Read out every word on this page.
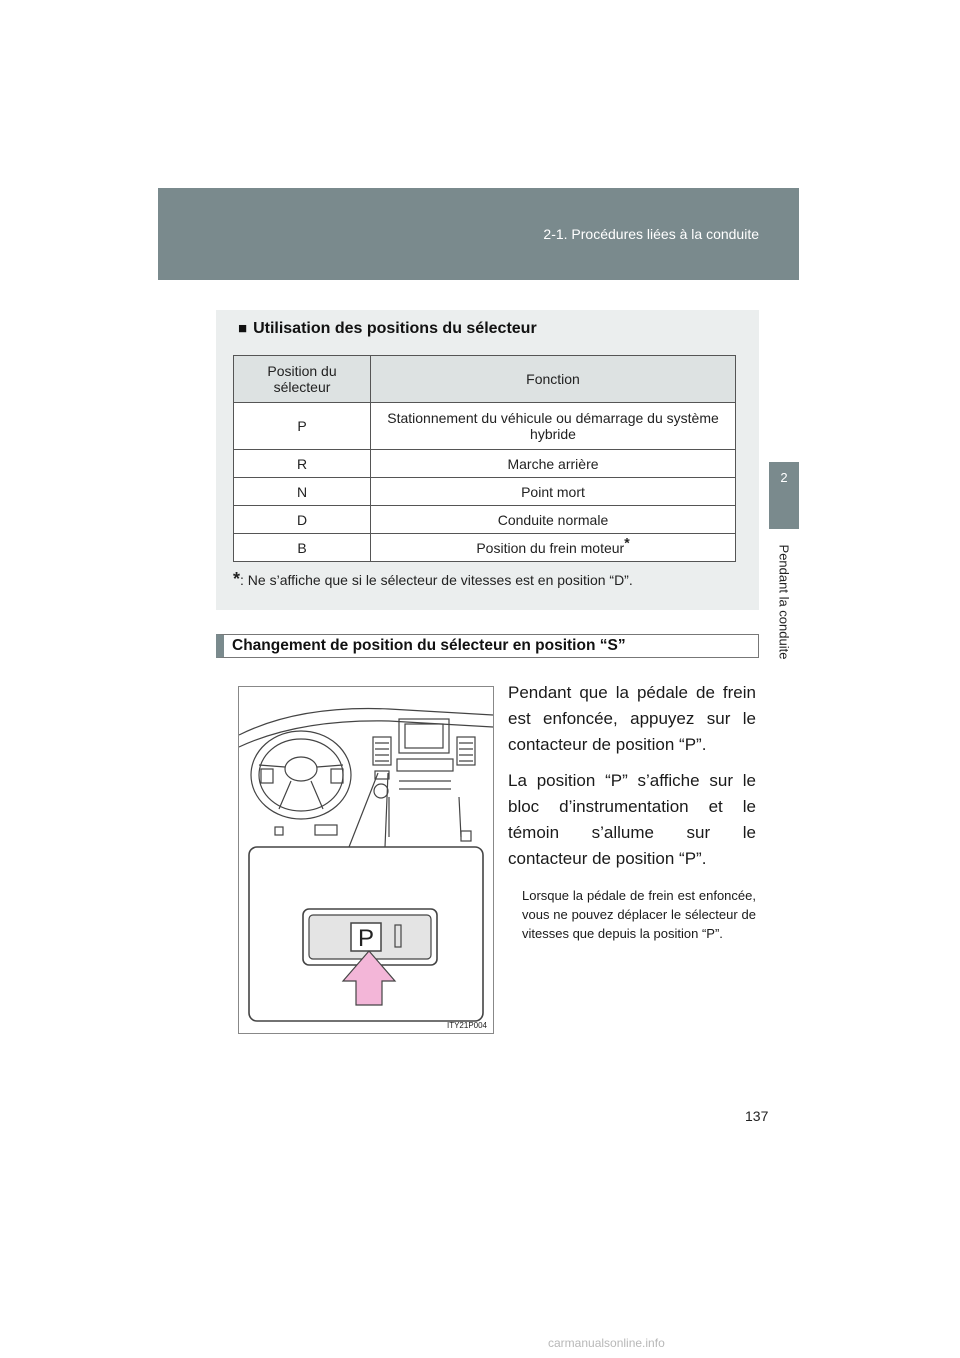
2-1. Procédures liées à la conduite
2
Pendant la conduite
■ Utilisation des positions du sélecteur
Position du sélecteur	Fonction
P	Stationnement du véhicule ou démarrage du système hybride
R	Marche arrière
N	Point mort
D	Conduite normale
B	Position du frein moteur*
*: Ne s’affiche que si le sélecteur de vitesses est en position “D”.
Changement de position du sélecteur en position “S”
P
ITY21P004

Pendant que la pédale de frein est enfoncée, appuyez sur le contacteur de position “P”.

La position “P” s’affiche sur le bloc d’instrumentation et le témoin s’allume sur le contacteur de position “P”.

Lorsque la pédale de frein est enfoncée, vous ne pouvez déplacer le sélecteur de vitesses que depuis la position “P”.

137
carmanualsonline.info
